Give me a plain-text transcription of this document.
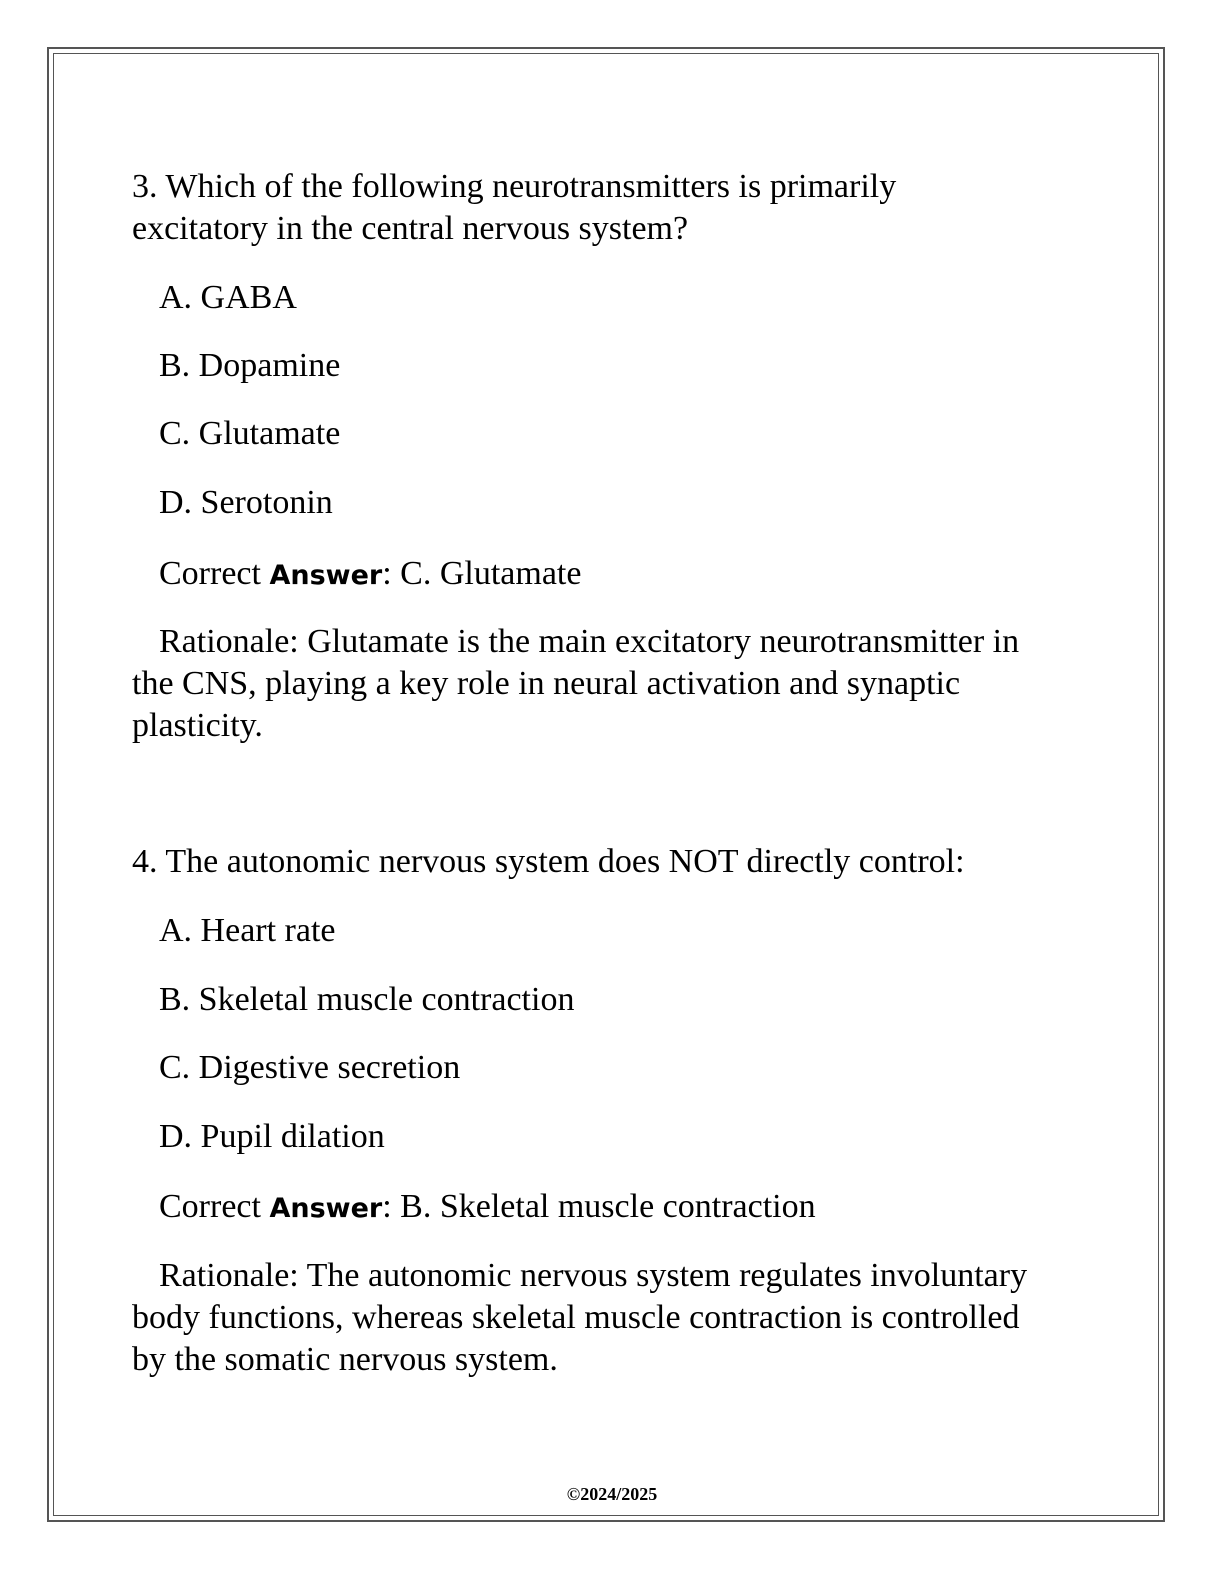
3. Which of the following neurotransmitters is primarily
excitatory in the central nervous system?
A. GABA
B. Dopamine
C. Glutamate
D. Serotonin
Correct Answer: C. Glutamate
Rationale: Glutamate is the main excitatory neurotransmitter in
the CNS, playing a key role in neural activation and synaptic
plasticity.
4. The autonomic nervous system does NOT directly control:
A. Heart rate
B. Skeletal muscle contraction
C. Digestive secretion
D. Pupil dilation
Correct Answer: B. Skeletal muscle contraction
Rationale: The autonomic nervous system regulates involuntary
body functions, whereas skeletal muscle contraction is controlled
by the somatic nervous system.
©2024/2025
